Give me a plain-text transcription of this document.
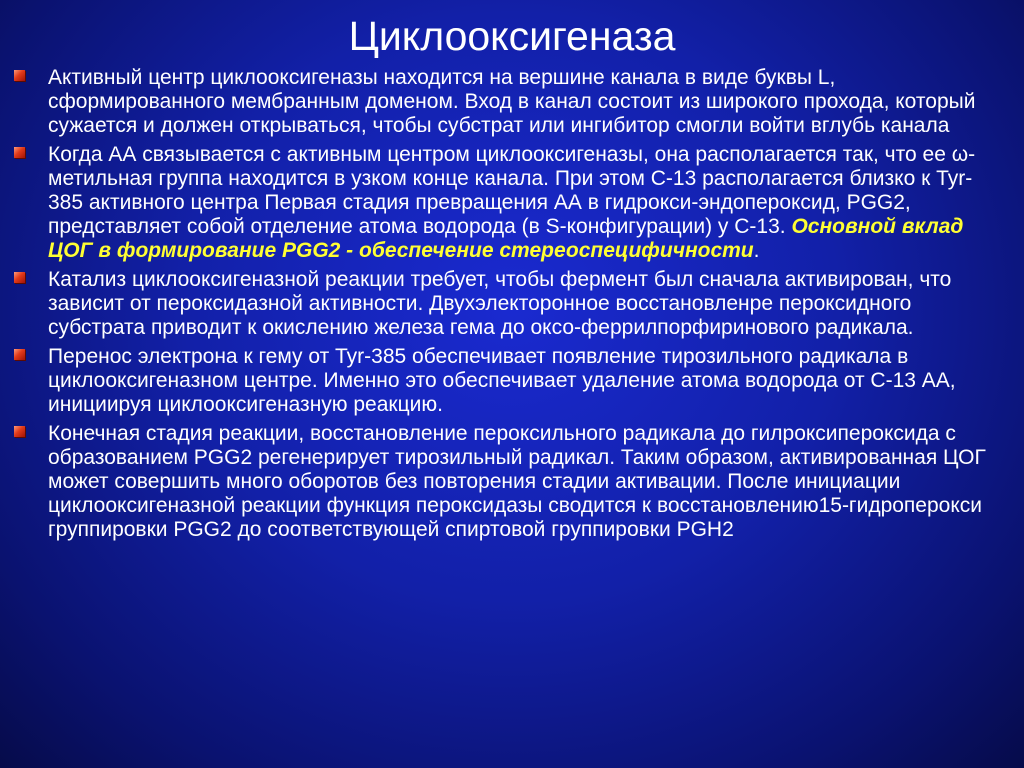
Циклооксигеназа
Активный центр циклооксигеназы находится на вершине канала в виде буквы L, сформированного мембранным доменом. Вход в канал состоит из широкого прохода, который сужается и должен открываться, чтобы субстрат или ингибитор смогли войти вглубь канала
Когда АА связывается с активным центром циклооксигеназы, она располагается так, что ее ω-метильная группа находится в узком конце канала. При этом С-13 располагается близко к Tyr-385 активного центра Первая стадия превращения АА в гидрокси-эндопероксид, PGG2, представляет собой отделение атома водорода (в S-конфигурации) у С-13. Основной вклад ЦОГ в формирование PGG2 - обеспечение стереоспецифичности.
Катализ циклооксигеназной реакции требует, чтобы фермент был сначала активирован, что зависит от пероксидазной активности. Двухэлекторонное восстановленре пероксидного субстрата приводит к окислению железа гема до оксо-феррилпорфиринового радикала.
Перенос электрона к гему от Tyr-385 обеспечивает появление тирозильного радикала в циклооксигеназном центре. Именно это обеспечивает удаление атома водорода от С-13 АА, инициируя циклооксигеназную реакцию.
Конечная стадия реакции, восстановление пероксильного радикала до гилроксипероксида с образованием PGG2 регенерирует тирозильный радикал. Таким образом, активированная ЦОГ может совершить много оборотов без повторения стадии активации. После инициации циклооксигеназной реакции функция пероксидазы сводится к восстановлению15-гидроперокси группировки PGG2 до соответствующей спиртовой группировки PGH2
